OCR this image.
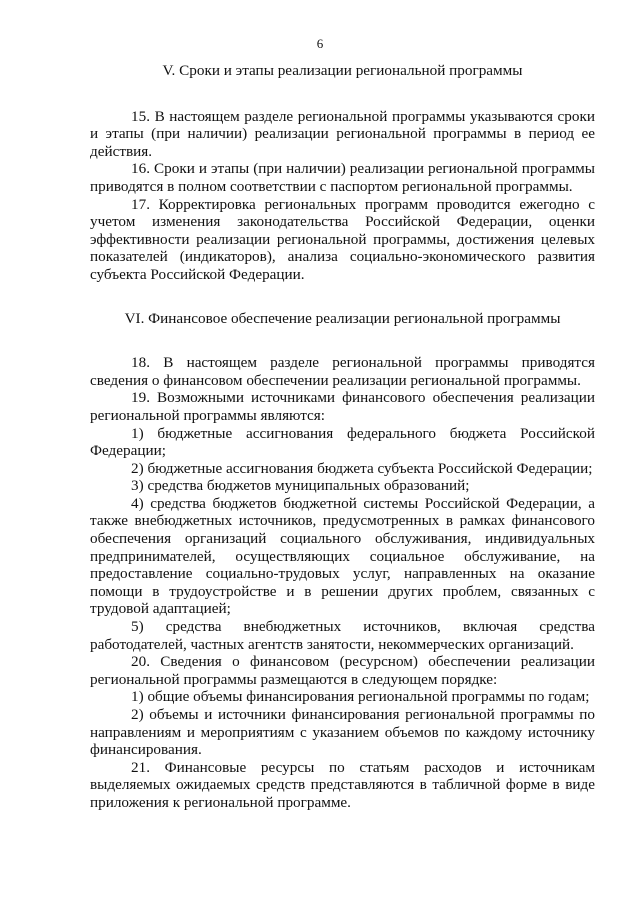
6
V. Сроки и этапы реализации региональной программы

15. В настоящем разделе региональной программы указываются сроки и этапы (при наличии) реализации региональной программы в период ее действия.

16. Сроки и этапы (при наличии) реализации региональной программы приводятся в полном соответствии с паспортом региональной программы.

17. Корректировка региональных программ проводится ежегодно с учетом изменения законодательства Российской Федерации, оценки эффективности реализации региональной программы, достижения целевых показателей (индикаторов), анализа социально-экономического развития субъекта Российской Федерации.

VI. Финансовое обеспечение реализации региональной программы

18. В настоящем разделе региональной программы приводятся сведения о финансовом обеспечении реализации региональной программы.

19. Возможными источниками финансового обеспечения реализации региональной программы являются:

1) бюджетные ассигнования федерального бюджета Российской Федерации;

2) бюджетные ассигнования бюджета субъекта Российской Федерации;

3) средства бюджетов муниципальных образований;

4) средства бюджетов бюджетной системы Российской Федерации, а также внебюджетных источников, предусмотренных в рамках финансового обеспечения организаций социального обслуживания, индивидуальных предпринимателей, осуществляющих социальное обслуживание, на предоставление социально-трудовых услуг, направленных на оказание помощи в трудоустройстве и в решении других проблем, связанных с трудовой адаптацией;

5) средства внебюджетных источников, включая средства работодателей, частных агентств занятости, некоммерческих организаций.

20. Сведения о финансовом (ресурсном) обеспечении реализации региональной программы размещаются в следующем порядке:

1) общие объемы финансирования региональной программы по годам;

2) объемы и источники финансирования региональной программы по направлениям и мероприятиям с указанием объемов по каждому источнику финансирования.

21. Финансовые ресурсы по статьям расходов и источникам выделяемых ожидаемых средств представляются в табличной форме в виде приложения к региональной программе.
